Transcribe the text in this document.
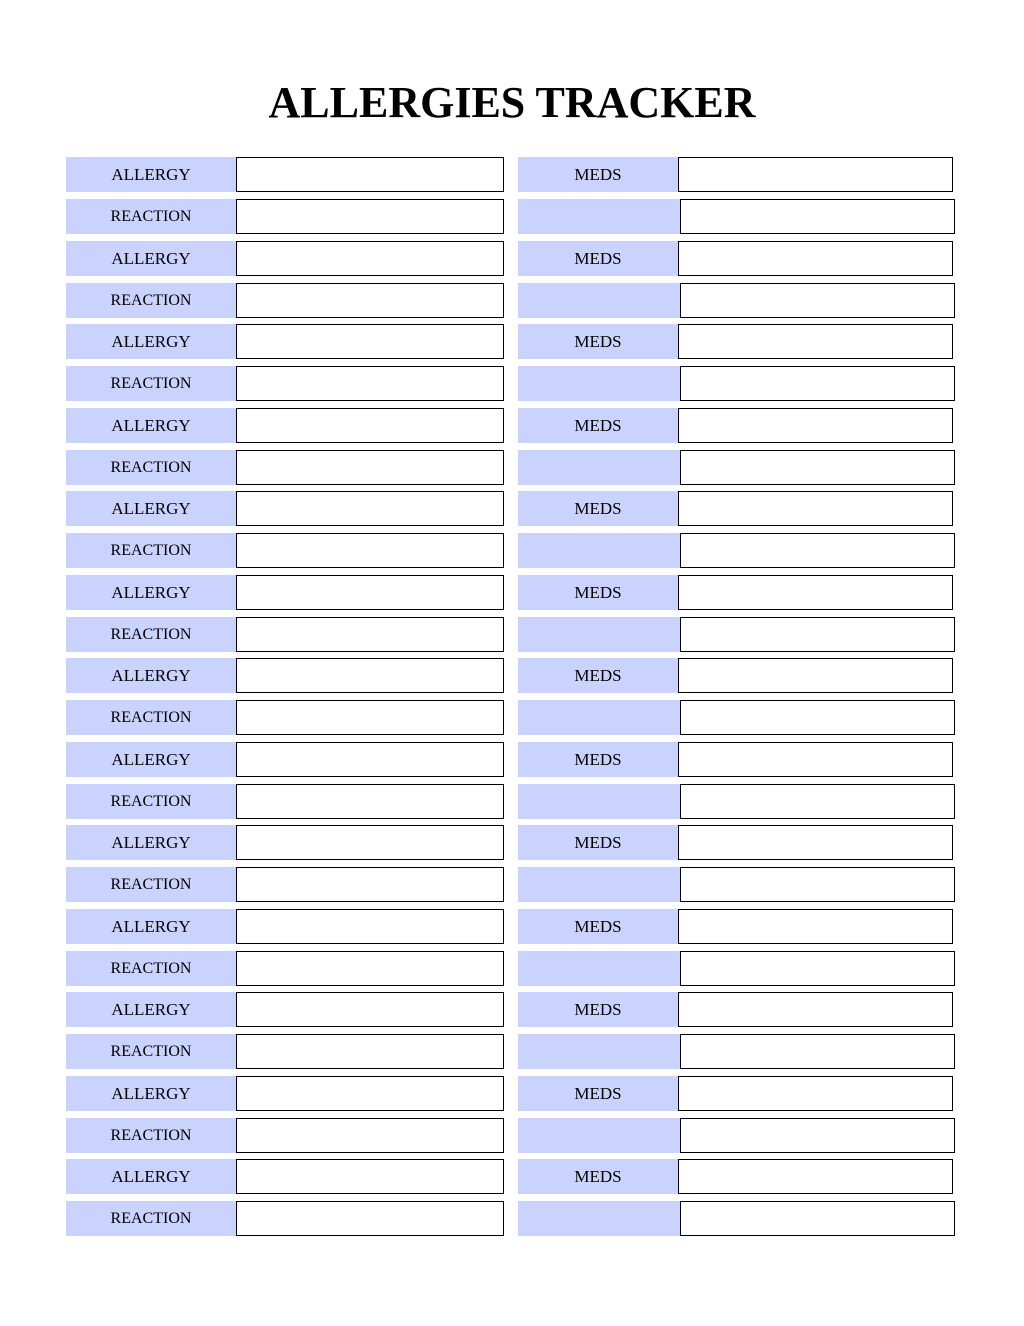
ALLERGIES TRACKER
ALLERGY	MEDS
REACTION
ALLERGY	MEDS
REACTION
ALLERGY	MEDS
REACTION
ALLERGY	MEDS
REACTION
ALLERGY	MEDS
REACTION
ALLERGY	MEDS
REACTION
ALLERGY	MEDS
REACTION
ALLERGY	MEDS
REACTION
ALLERGY	MEDS
REACTION
ALLERGY	MEDS
REACTION
ALLERGY	MEDS
REACTION
ALLERGY	MEDS
REACTION
ALLERGY	MEDS
REACTION
